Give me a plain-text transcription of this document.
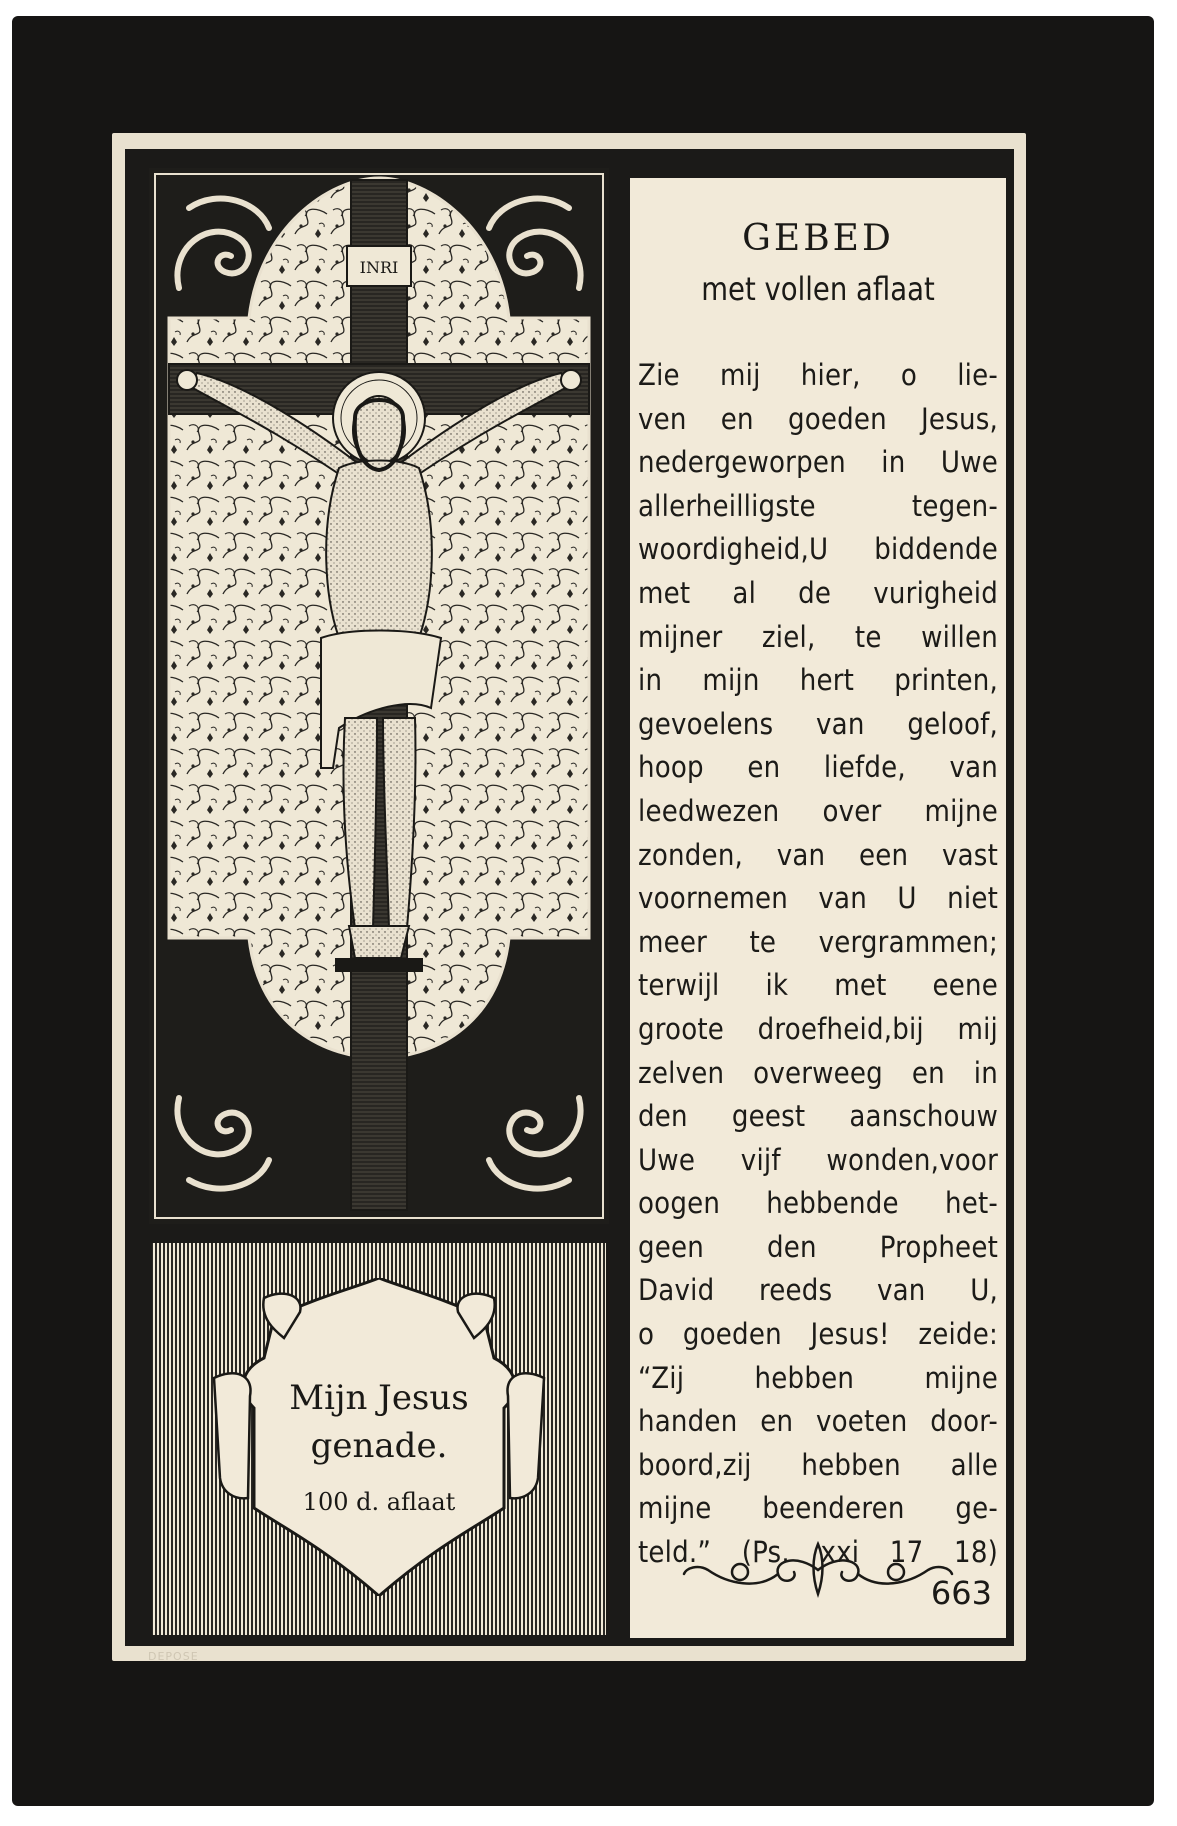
INRI
Mijn Jesus
genade.
100 d. aflaat
GEBED
met vollen aflaat
Zie mij hier, o lie-
ven en goeden Jesus,
nedergeworpen in Uwe
allerheilligste tegen-
woordigheid,U biddende
met al de vurigheid
mijner ziel, te willen
in mijn hert printen,
gevoelens van geloof,
hoop en liefde, van
leedwezen over mijne
zonden, van een vast
voornemen van U niet
meer te vergrammen;
terwijl ik met eene
groote droefheid,bij mij
zelven overweeg en in
den geest aanschouw
Uwe vijf wonden,voor
oogen hebbende het-
geen den Propheet
David reeds van U,
o goeden Jesus! zeide:
“Zij hebben mijne
handen en voeten door-
boord,zij hebben alle
mijne beenderen ge-
teld.” (Ps. xxi 17 18)
663
DEPOSE
